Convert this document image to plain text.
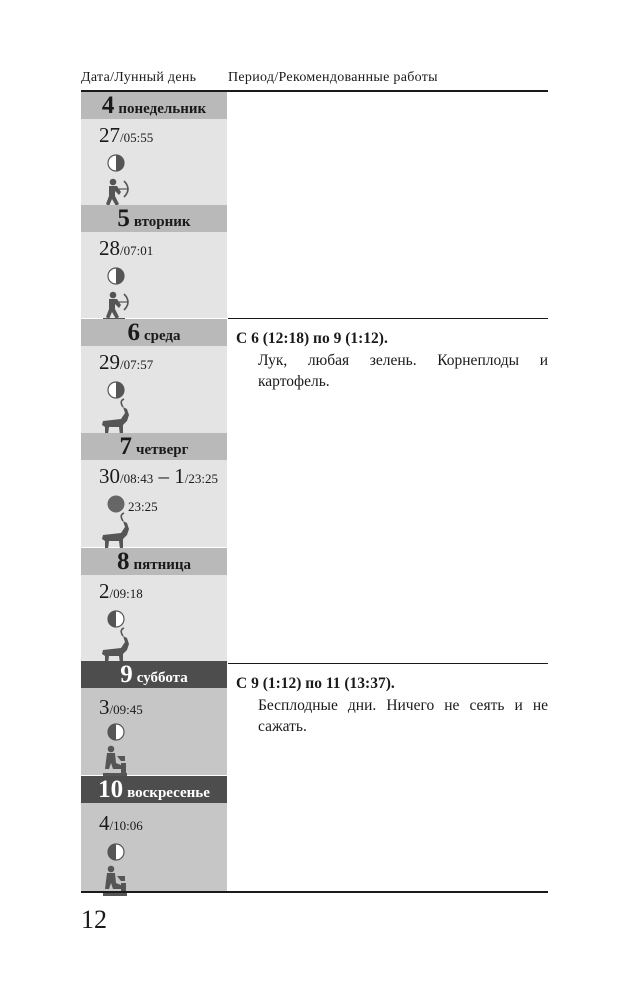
Дата/Лунный день Период/Рекомендованные работы
4 понедельник
27/05:55
5 вторник
28/07:01
6 среда
29/07:57
7 четверг
30/08:43 – 1/23:25
23:25
8 пятница
2/09:18
9 суббота
3/09:45
10 воскресенье
4/10:06
С 6 (12:18) по 9 (1:12).
Лук, любая зелень. Корнеплоды и картофель.
С 9 (1:12) по 11 (13:37).
Бесплодные дни. Ничего не сеять и не сажать.
12
